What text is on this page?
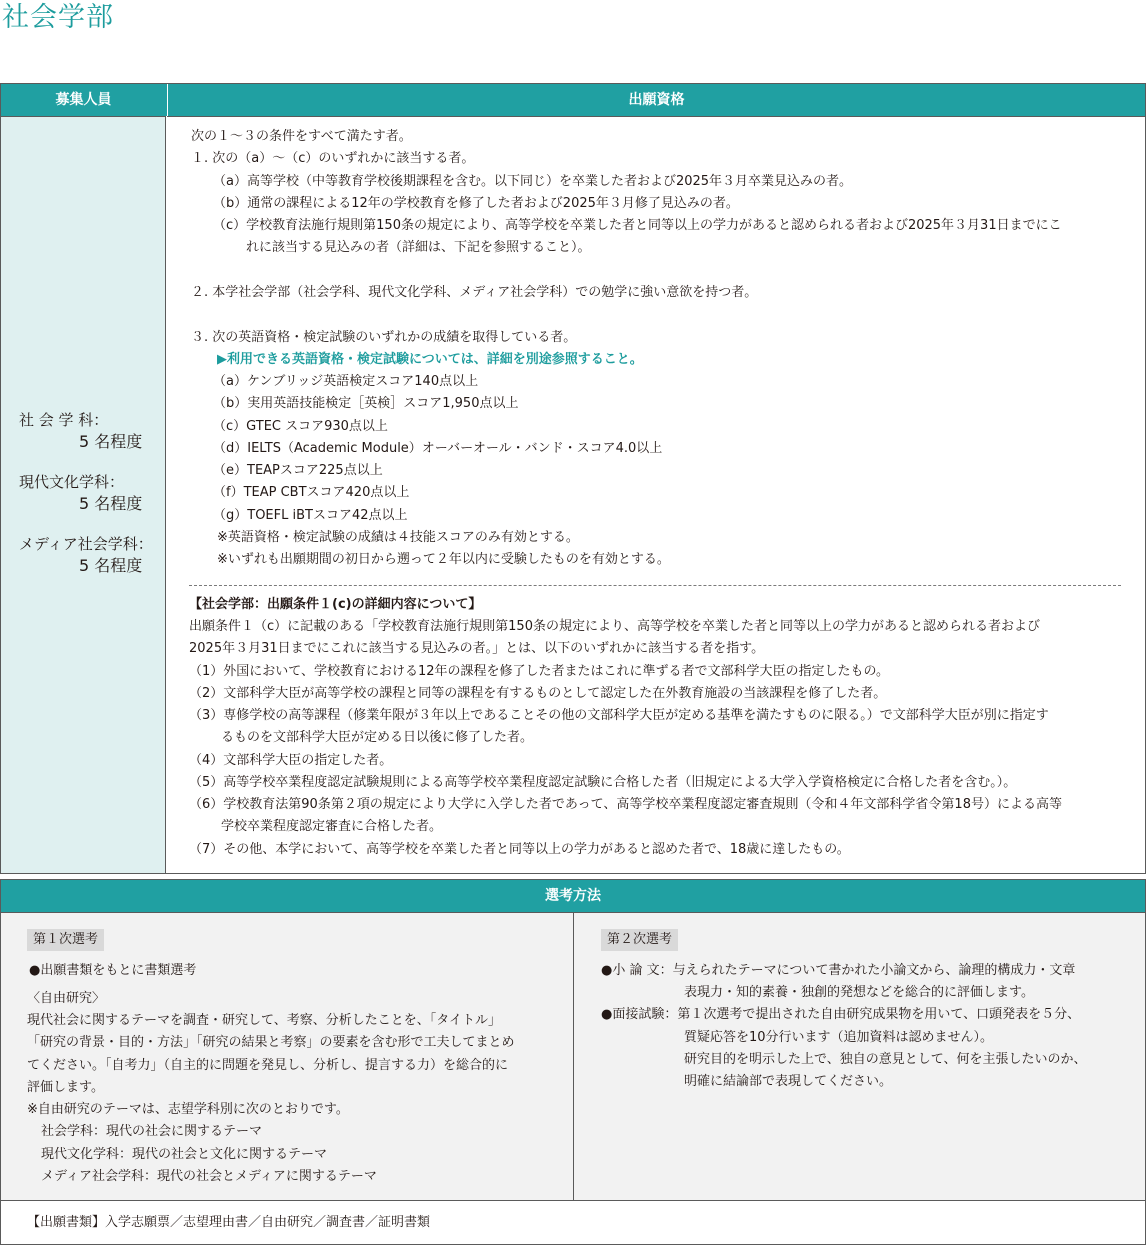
社会学部
募集人員	出願資格
社 会 学 科：
5 名程度
現代文化学科：
5 名程度
メディア社会学科：
5 名程度
次の１～３の条件をすべて満たす者。
１. 次の（a）～（c）のいずれかに該当する者。
（a）高等学校（中等教育学校後期課程を含む。以下同じ）を卒業した者および2025年３月卒業見込みの者。
（b）通常の課程による12年の学校教育を修了した者および2025年３月修了見込みの者。
（c）学校教育法施行規則第150条の規定により、高等学校を卒業した者と同等以上の学力があると認められる者および2025年３月31日までにこ
れに該当する見込みの者（詳細は、下記を参照すること）。
２. 本学社会学部（社会学科、現代文化学科、メディア社会学科）での勉学に強い意欲を持つ者。
３. 次の英語資格・検定試験のいずれかの成績を取得している者。
▶利用できる英語資格・検定試験については、詳細を別途参照すること。
（a）ケンブリッジ英語検定スコア140点以上
（b）実用英語技能検定［英検］スコア1,950点以上
（c）GTEC スコア930点以上
（d）IELTS（Academic Module）オーバーオール・バンド・スコア4.0以上
（e）TEAPスコア225点以上
（f）TEAP CBTスコア420点以上
（g）TOEFL iBTスコア42点以上
※英語資格・検定試験の成績は４技能スコアのみ有効とする。
※いずれも出願期間の初日から遡って２年以内に受験したものを有効とする。
【社会学部：出願条件１(c)の詳細内容について】
出願条件１（c）に記載のある「学校教育法施行規則第150条の規定により、高等学校を卒業した者と同等以上の学力があると認められる者および
2025年３月31日までにこれに該当する見込みの者。」とは、以下のいずれかに該当する者を指す。
（1）外国において、学校教育における12年の課程を修了した者またはこれに準ずる者で文部科学大臣の指定したもの。
（2）文部科学大臣が高等学校の課程と同等の課程を有するものとして認定した在外教育施設の当該課程を修了した者。
（3）専修学校の高等課程（修業年限が３年以上であることその他の文部科学大臣が定める基準を満たすものに限る。）で文部科学大臣が別に指定す
るものを文部科学大臣が定める日以後に修了した者。
（4）文部科学大臣の指定した者。
（5）高等学校卒業程度認定試験規則による高等学校卒業程度認定試験に合格した者（旧規定による大学入学資格検定に合格した者を含む。）。
（6）学校教育法第90条第２項の規定により大学に入学した者であって、高等学校卒業程度認定審査規則（令和４年文部科学省令第18号）による高等
学校卒業程度認定審査に合格した者。
（7）その他、本学において、高等学校を卒業した者と同等以上の学力があると認めた者で、18歳に達したもの。
選考方法
第１次選考
●出願書類をもとに書類選考
〈自由研究〉
現代社会に関するテーマを調査・研究して、考察、分析したことを、「タイトル」
「研究の背景・目的・方法」「研究の結果と考察」の要素を含む形で工夫してまとめ
てください。「自考力」（自主的に問題を発見し、分析し、提言する力）を総合的に
評価します。
※自由研究のテーマは、志望学科別に次のとおりです。
社会学科：現代の社会に関するテーマ
現代文化学科：現代の社会と文化に関するテーマ
メディア社会学科：現代の社会とメディアに関するテーマ
第２次選考
●小 論 文：与えられたテーマについて書かれた小論文から、論理的構成力・文章
表現力・知的素養・独創的発想などを総合的に評価します。
●面接試験：第１次選考で提出された自由研究成果物を用いて、口頭発表を５分、
質疑応答を10分行います（追加資料は認めません）。
研究目的を明示した上で、独自の意見として、何を主張したいのか、
明確に結論部で表現してください。
【出願書類】入学志願票／志望理由書／自由研究／調査書／証明書類
